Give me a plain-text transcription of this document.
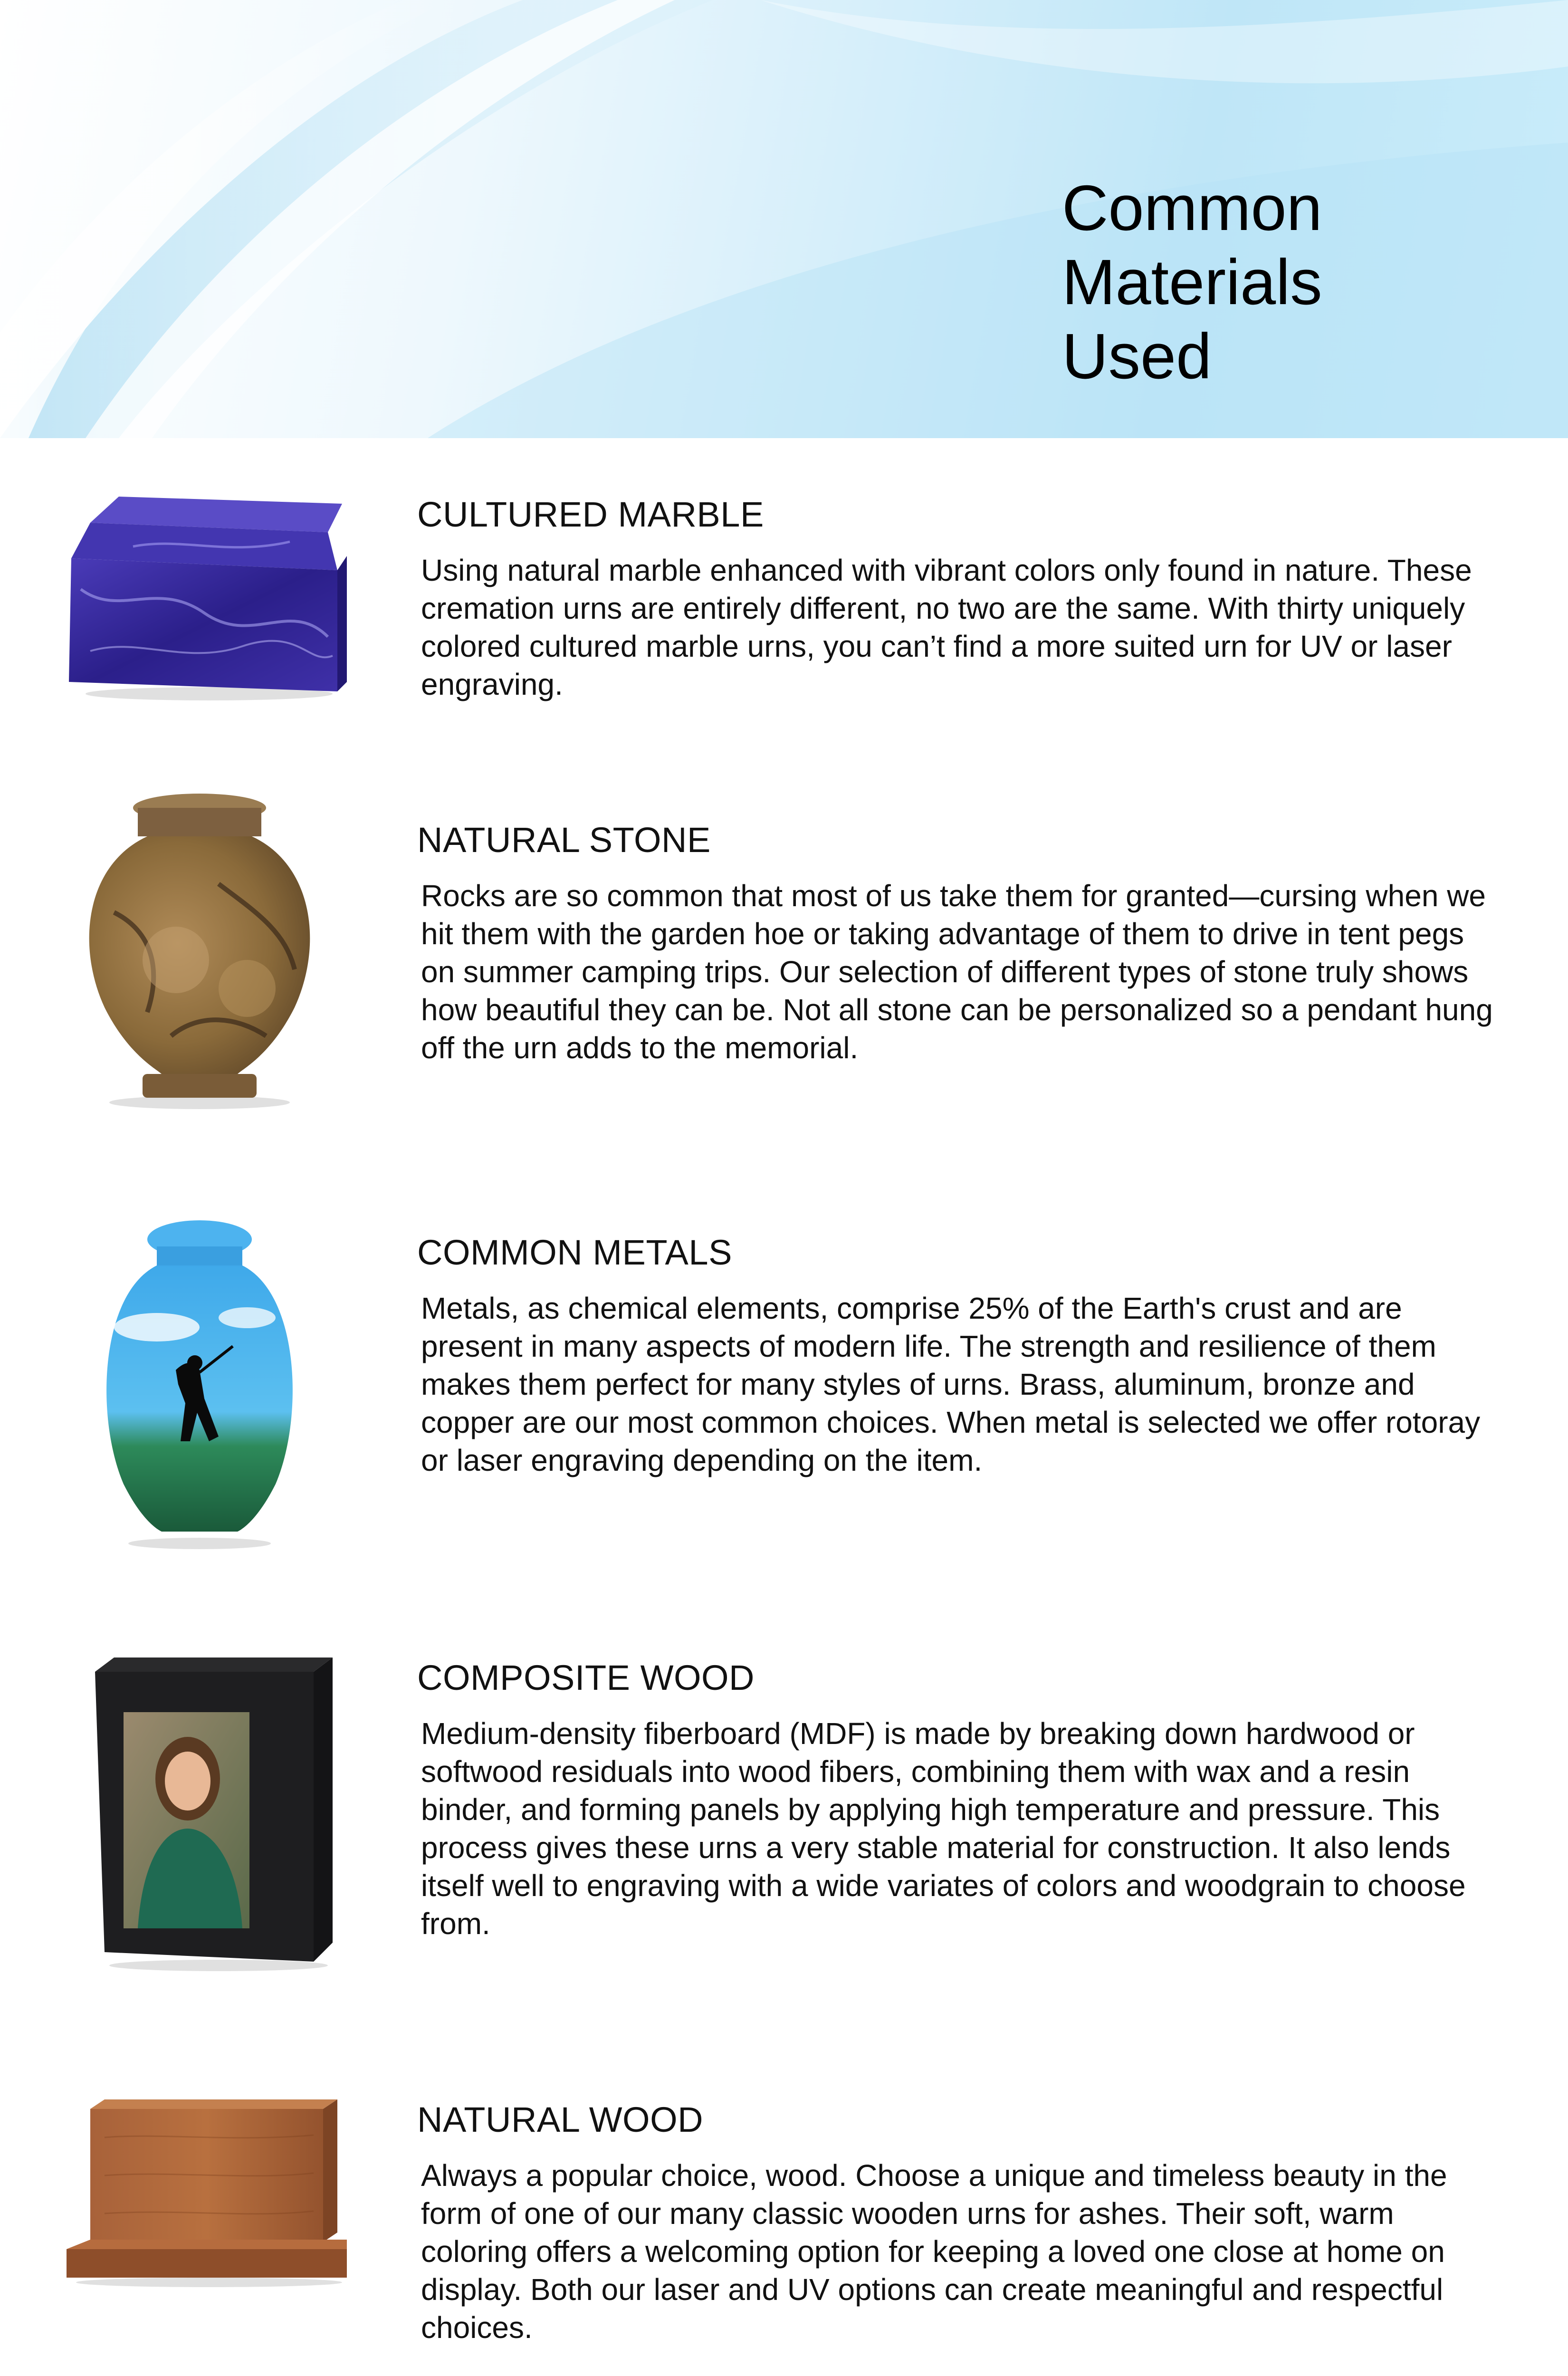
Common
Materials
Used
CULTURED MARBLE

Using natural marble enhanced with vibrant colors only found in nature. These cremation urns are entirely different, no two are the same. With thirty uniquely colored cultured marble urns, you can’t find a more suited urn for UV or laser engraving.

NATURAL STONE

Rocks are so common that most of us take them for granted—cursing when we hit them with the garden hoe or taking advantage of them to drive in tent pegs on summer camping trips. Our selection of different types of stone truly shows how beautiful they can be. Not all stone can be personalized so a pendant hung off the urn adds to the memorial.

COMMON METALS

Metals, as chemical elements, comprise 25% of the Earth's crust and are present in many aspects of modern life. The strength and resilience of them makes them perfect for many styles of urns. Brass, aluminum, bronze and copper are our most common choices. When metal is selected we offer rotoray or laser engraving depending on the item.

COMPOSITE WOOD

Medium-density fiberboard (MDF) is made by breaking down hardwood or softwood residuals into wood fibers, combining them with wax and a resin binder, and forming panels by applying high temperature and pressure. This process gives these urns a very stable material for construction. It also lends itself well to engraving with a wide variates of colors and woodgrain to choose from.

NATURAL WOOD

Always a popular choice, wood. Choose a unique and timeless beauty in the form of one of our many classic wooden urns for ashes. Their soft, warm coloring offers a welcoming option for keeping a loved one close at home on display. Both our laser and UV options can create meaningful and respectful choices.
